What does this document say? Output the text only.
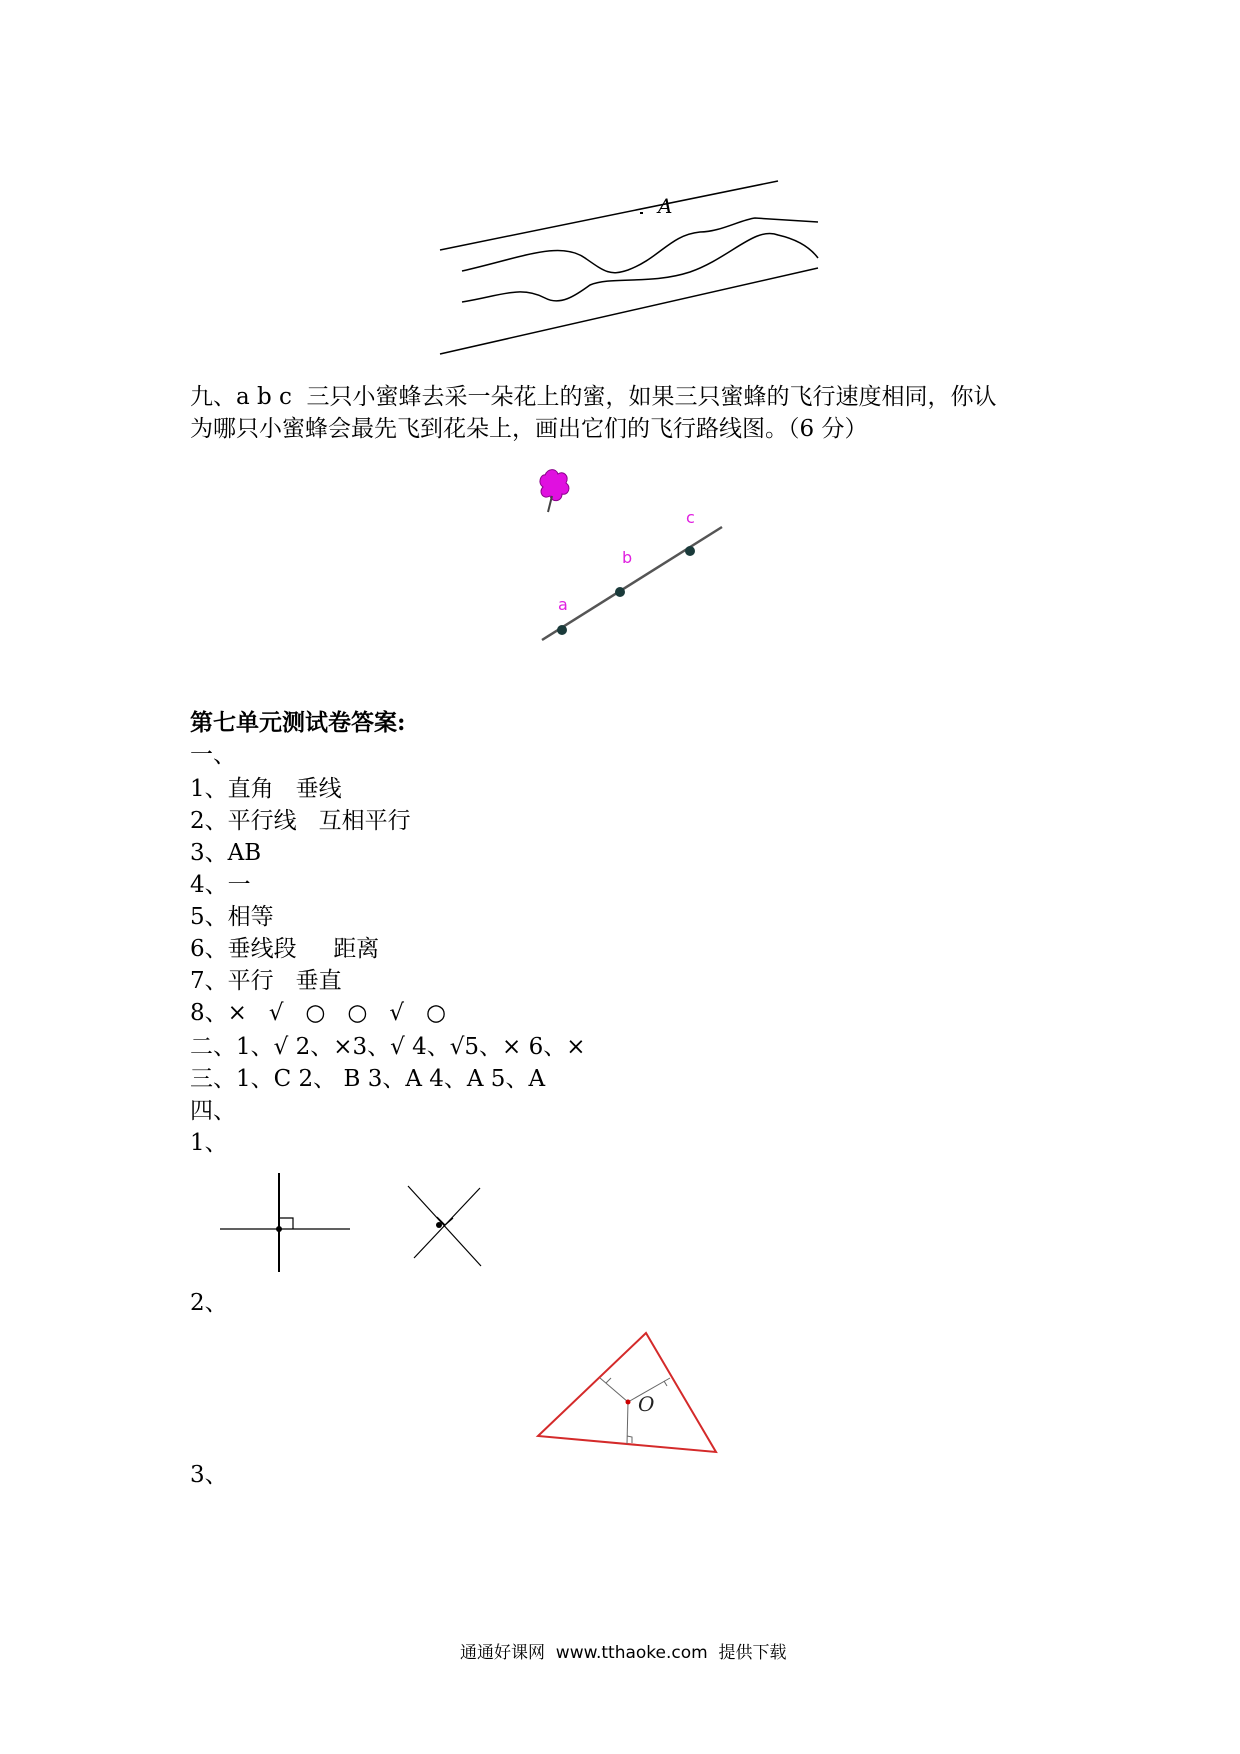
A
九、a b c  三只小蜜蜂去采一朵花上的蜜，如果三只蜜蜂的飞行速度相同，你认
为哪只小蜜蜂会最先飞到花朵上，画出它们的飞行路线图。（6 分）
a
b
c
第七单元测试卷答案:
一、
1、直角   垂线
2、平行线   互相平行
3、AB
4、一
5、相等
6、垂线段     距离
7、平行   垂直
8、×   √   ○   ○   √   ○
二、1、√ 2、×3、√ 4、√5、× 6、×
三、1、C 2、 B 3、A 4、A 5、A
四、
1、
2、
O
3、
通通好课网  www.tthaoke.com  提供下载
